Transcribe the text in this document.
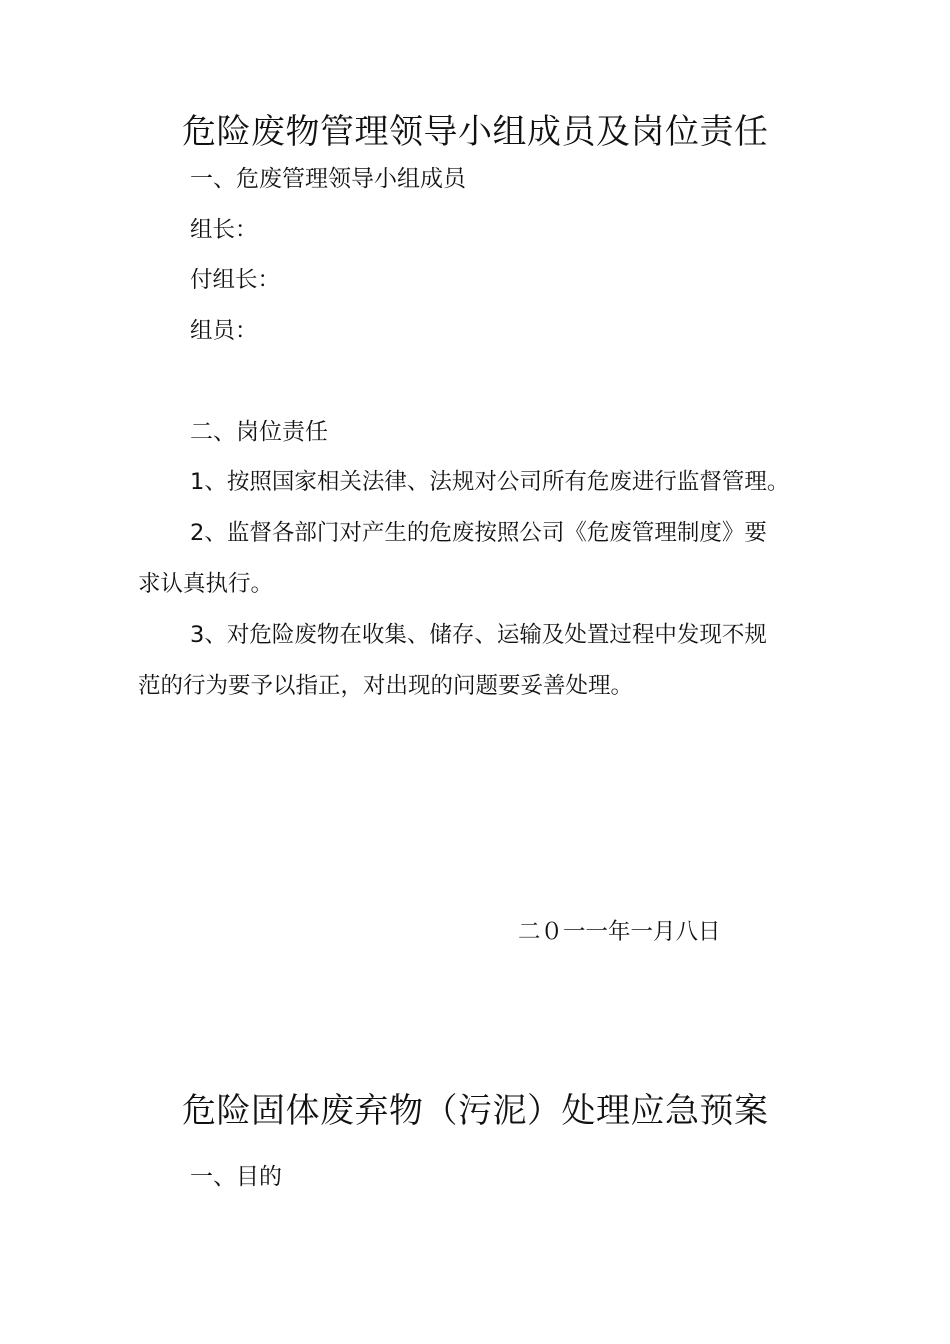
危险废物管理领导小组成员及岗位责任
一、危废管理领导小组成员
组长：
付组长：
组员：
二、岗位责任
1、按照国家相关法律、法规对公司所有危废进行监督管理。
2、监督各部门对产生的危废按照公司《危废管理制度》要
求认真执行。
3、对危险废物在收集、储存、运输及处置过程中发现不规
范的行为要予以指正，对出现的问题要妥善处理。
二０一一年一月八日
危险固体废弃物（污泥）处理应急预案
一、目的
